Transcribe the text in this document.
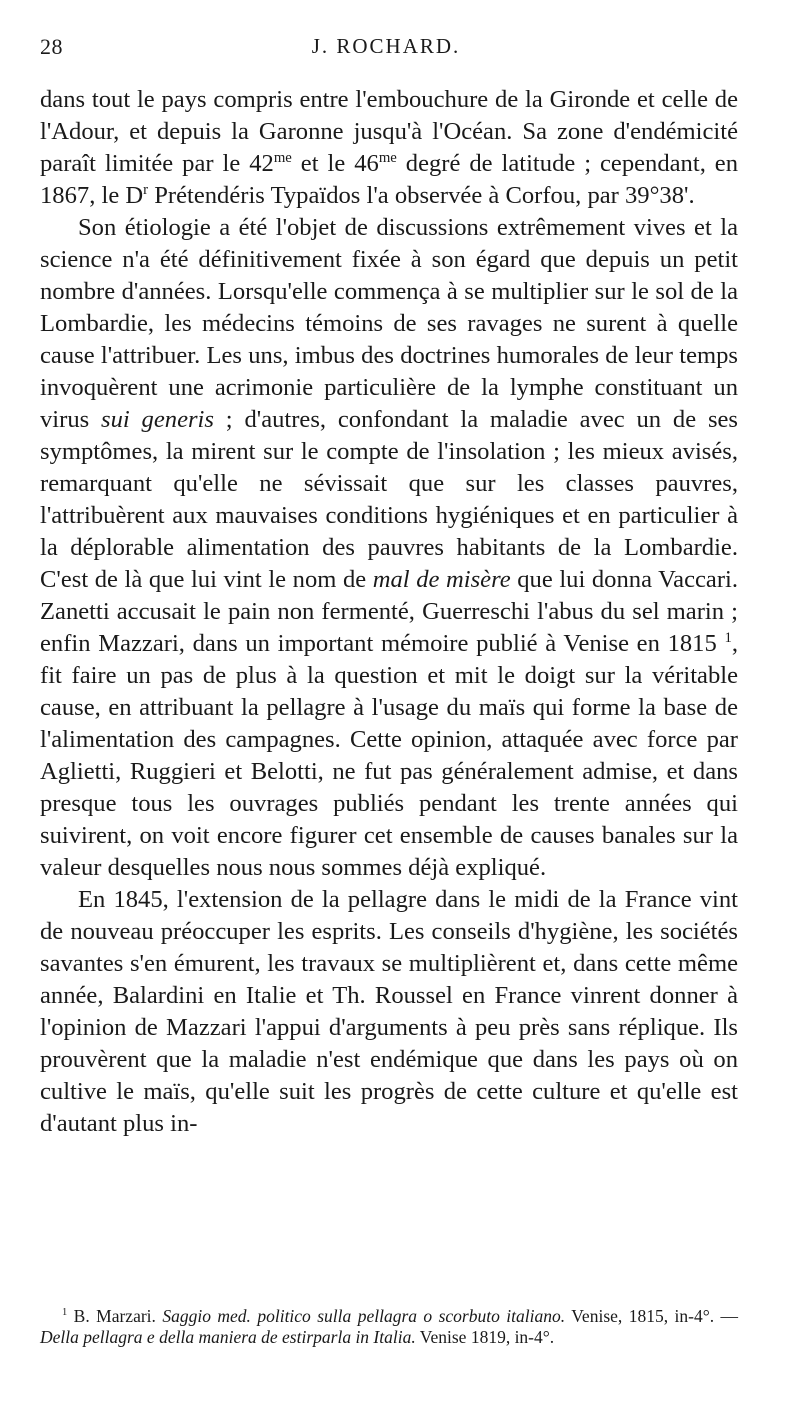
28	J. ROCHARD.

dans tout le pays compris entre l'embouchure de la Gironde et celle de l'Adour, et depuis la Garonne jusqu'à l'Océan. Sa zone d'endémicité paraît limitée par le $42^{me}$ et le $46^{me}$ degré de latitude ; cependant, en 1867, le $D^r$ Prétendéris Typaïdos l'a observée à Corfou, par 39°38'.

Son étiologie a été l'objet de discussions extrêmement vives et la science n'a été définitivement fixée à son égard que depuis un petit nombre d'années. Lorsqu'elle commença à se multiplier sur le sol de la Lombardie, les médecins témoins de ses ravages ne surent à quelle cause l'attribuer. Les uns, imbus des doctrines humorales de leur temps invoquèrent une acrimonie particulière de la lymphe constituant un virus sui generis ; d'autres, confondant la maladie avec un de ses symptômes, la mirent sur le compte de l'insolation ; les mieux avisés, remarquant qu'elle ne sévissait que sur les classes pauvres, l'attribuèrent aux mauvaises conditions hygiéniques et en particulier à la déplorable alimentation des pauvres habitants de la Lombardie. C'est de là que lui vint le nom de mal de misère que lui donna Vaccari. Zanetti accusait le pain non fermenté, Guerreschi l'abus du sel marin ; enfin Mazzari, dans un important mémoire publié à Venise en 1815 $^1$, fit faire un pas de plus à la question et mit le doigt sur la véritable cause, en attribuant la pellagre à l'usage du maïs qui forme la base de l'alimentation des campagnes. Cette opinion, attaquée avec force par Aglietti, Ruggieri et Belotti, ne fut pas généralement admise, et dans presque tous les ouvrages publiés pendant les trente années qui suivirent, on voit encore figurer cet ensemble de causes banales sur la valeur desquelles nous nous sommes déjà expliqué.

En 1845, l'extension de la pellagre dans le midi de la France vint de nouveau préoccuper les esprits. Les conseils d'hygiène, les sociétés savantes s'en émurent, les travaux se multiplièrent et, dans cette même année, Balardini en Italie et Th. Roussel en France vinrent donner à l'opinion de Mazzari l'appui d'arguments à peu près sans réplique. Ils prouvèrent que la maladie n'est endémique que dans les pays où on cultive le maïs, qu'elle suit les progrès de cette culture et qu'elle est d'autant plus in-

$^1$ B. Marzari. Saggio med. politico sulla pellagra o scorbuto italiano. Venise, 1815, in-4°. — Della pellagra e della maniera de estirparla in Italia. Venise 1819, in-4°.
